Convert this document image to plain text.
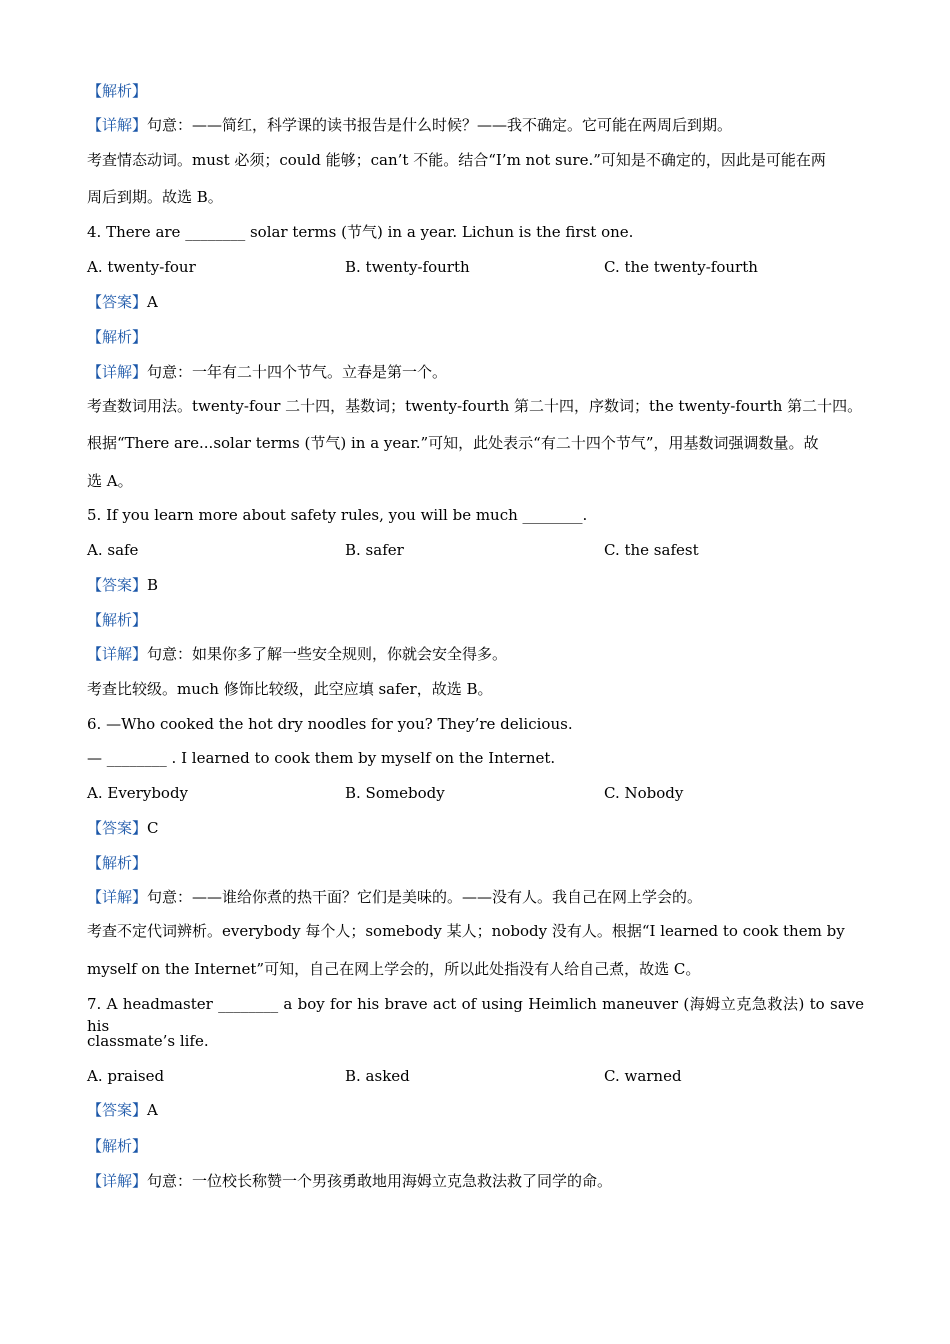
【解析】
【详解】句意：——简红，科学课的读书报告是什么时候？——我不确定。它可能在两周后到期。
考查情态动词。must 必须；could 能够；can’t 不能。结合“I’m not sure.”可知是不确定的，因此是可能在两
周后到期。故选 B。
4. There are ________ solar terms (节气) in a year. Lichun is the first one.
A. twenty-four	B. twenty-fourth	C. the twenty-fourth
【答案】A
【解析】
【详解】句意：一年有二十四个节气。立春是第一个。
考查数词用法。twenty-four 二十四，基数词；twenty-fourth 第二十四，序数词；the twenty-fourth 第二十四。
根据“There are...solar terms (节气) in a year.”可知，此处表示“有二十四个节气”，用基数词强调数量。故
选 A。
5. If you learn more about safety rules, you will be much ________.
A. safe	B. safer	C. the safest
【答案】B
【解析】
【详解】句意：如果你多了解一些安全规则，你就会安全得多。
考查比较级。much 修饰比较级，此空应填 safer，故选 B。
6. —Who cooked the hot dry noodles for you? They’re delicious.
— ________ . I learned to cook them by myself on the Internet.
A. Everybody	B. Somebody	C. Nobody
【答案】C
【解析】
【详解】句意：——谁给你煮的热干面？它们是美味的。——没有人。我自己在网上学会的。
考查不定代词辨析。everybody 每个人；somebody 某人；nobody 没有人。根据“I learned to cook them by
myself on the Internet”可知，自己在网上学会的，所以此处指没有人给自己煮，故选 C。
7. A headmaster ________ a boy for his brave act of using Heimlich maneuver (海姆立克急救法) to save his
classmate’s life.
A. praised	B. asked	C. warned
【答案】A
【解析】
【详解】句意：一位校长称赞一个男孩勇敢地用海姆立克急救法救了同学的命。
